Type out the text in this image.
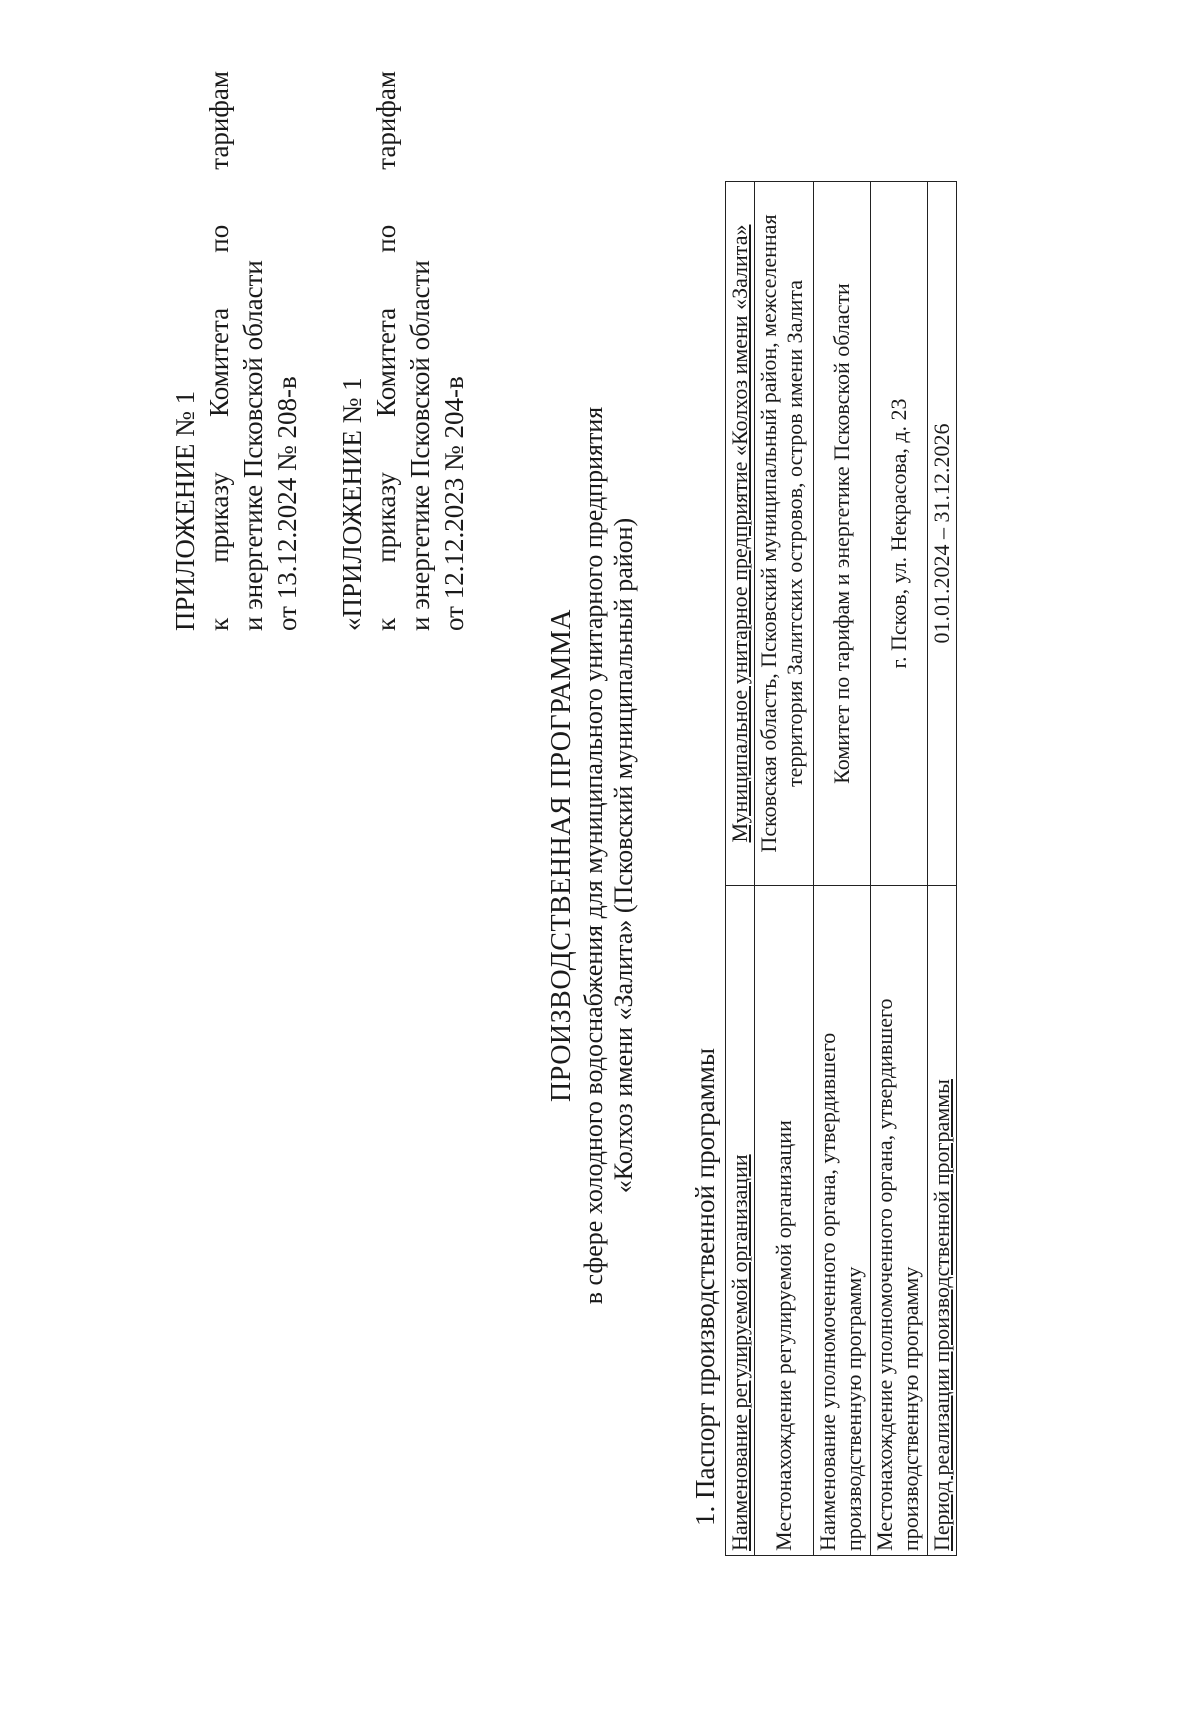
ПРИЛОЖЕНИЕ № 1 к
приказу
Комитета
по
тарифам
и энергетике Псковской области от 13.12.2024 № 208-в «ПРИЛОЖЕНИЕ № 1 к
приказу
Комитета
по
тарифам
и энергетике Псковской области от 12.12.2023 № 204-в
ПРОИЗВОДСТВЕННАЯ ПРОГРАММА в сфере холодного водоснабжения для муниципального унитарного предприятия «Колхоз имени «Залита» (Псковский муниципальный район)
1. Паспорт производственной программы Наименование регулируемой организации	Муниципальное унитарное предприятие «Колхоз имени «Залита»
Местонахождение регулируемой организации	Псковская область, Псковский муниципальный район, межселенная территория Залитских островов, остров имени Залита
Наименование уполномоченного органа, утвердившего производственную программу	Комитет по тарифам и энергетике Псковской области
Местонахождение уполномоченного органа, утвердившего производственную программу	г. Псков, ул. Некрасова, д. 23
Период реализации производственной программы	01.01.2024 – 31.12.2026
